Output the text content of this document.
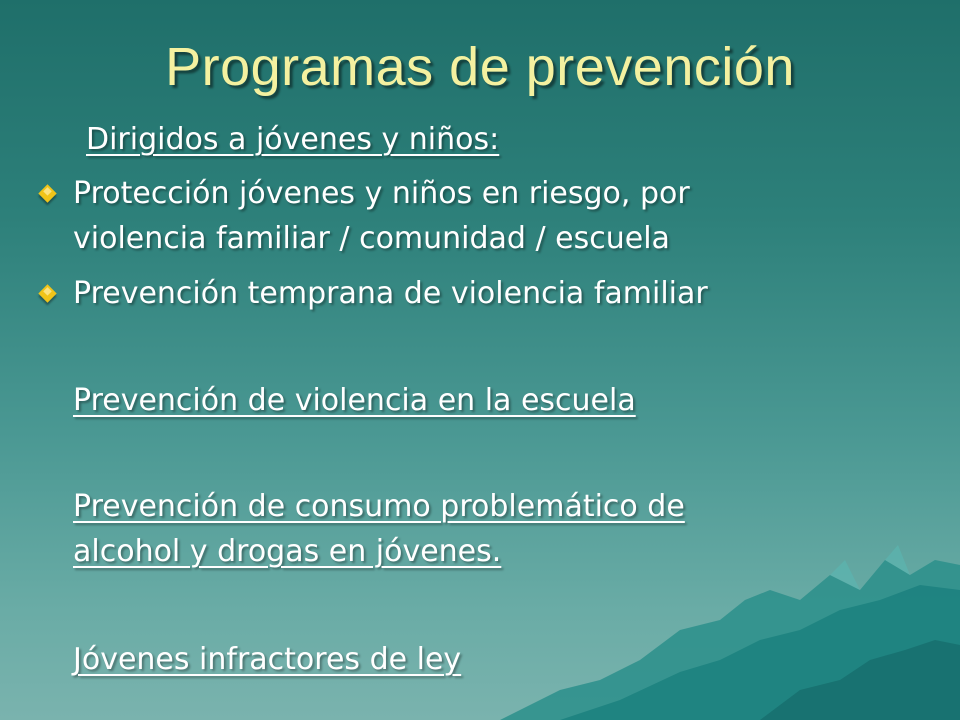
Programas de prevención
Dirigidos a jóvenes y niños:
Protección jóvenes y niños en riesgo, por
violencia familiar / comunidad / escuela
Prevención temprana de violencia familiar
Prevención de violencia en la escuela
Prevención de consumo problemático de
alcohol y drogas en jóvenes.
Jóvenes infractores de ley
